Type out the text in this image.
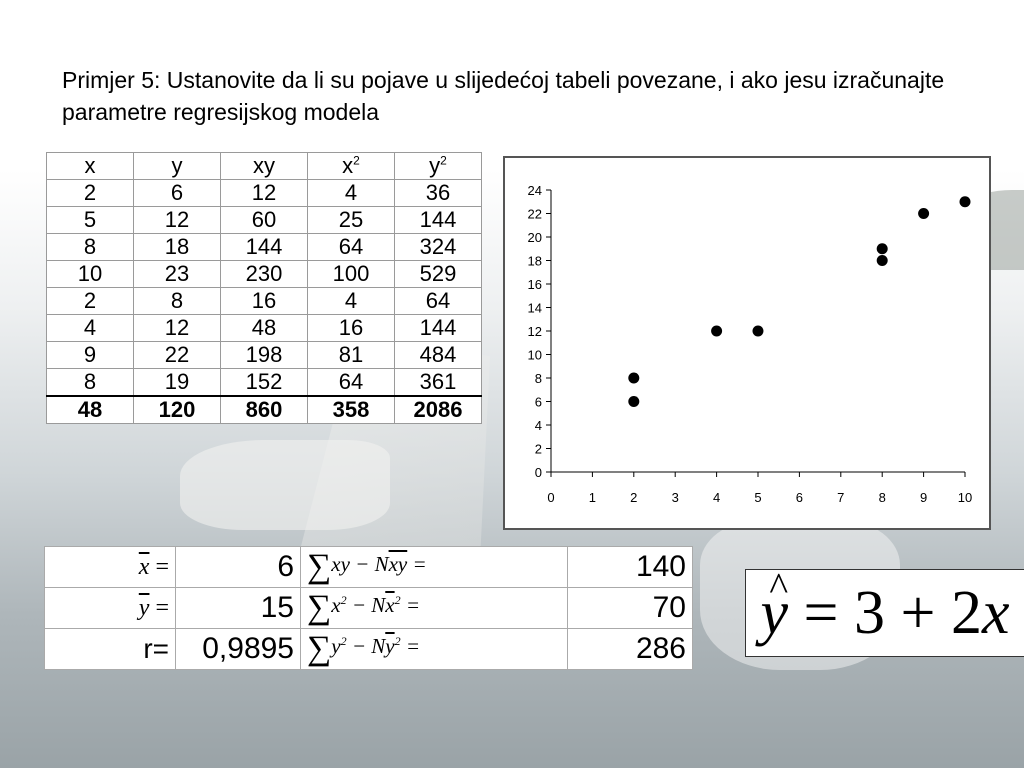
Primjer 5: Ustanovite da li su pojave u slijedećoj tabeli povezane, i ako jesu izračunajte parametre regresijskog modela
x	y	xy	$x^2$	$y^2$
2	6	12	4	36
5	12	60	25	144
8	18	144	64	324
10	23	230	100	529
2	8	16	4	64
4	12	48	16	144
9	22	198	81	484
8	19	152	64	361
48	120	860	358	2086
0
2
4
6
8
10
12
14
16
18
20
22
24
0	1	2	3	4	5	6	7	8	9 10
$\overline{x}$ =	6	$\sum xy - N\overline{xy}$ =	140
$\overline{y}$ =	15	$\sum x^2 - N\overline{x}^2$ =	70
r=	0,9895	$\sum y^2 - N\overline{y}^2$ =	286
^ y = 3 + 2x
